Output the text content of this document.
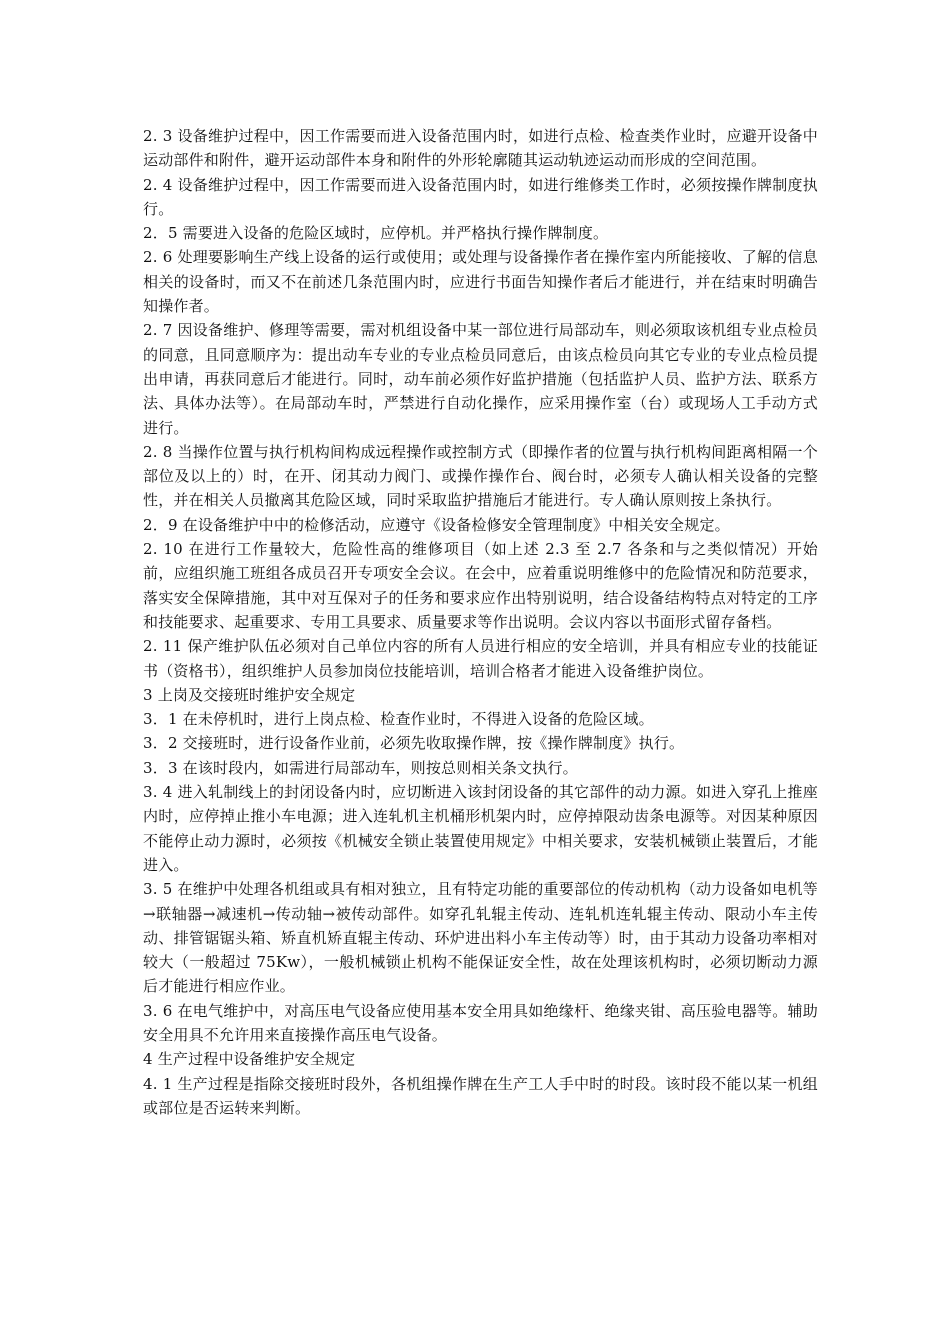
2. 3 设备维护过程中，因工作需要而进入设备范围内时，如进行点检、检查类作业时，应避开设备中运动部件和附件，避开运动部件本身和附件的外形轮廓随其运动轨迹运动而形成的空间范围。

2. 4 设备维护过程中，因工作需要而进入设备范围内时，如进行维修类工作时，必须按操作牌制度执行。

2．5 需要进入设备的危险区域时，应停机。并严格执行操作牌制度。

2. 6 处理要影响生产线上设备的运行或使用；或处理与设备操作者在操作室内所能接收、了解的信息相关的设备时，而又不在前述几条范围内时，应进行书面告知操作者后才能进行，并在结束时明确告知操作者。

2. 7 因设备维护、修理等需要，需对机组设备中某一部位进行局部动车，则必须取该机组专业点检员的同意，且同意顺序为：提出动车专业的专业点检员同意后，由该点检员向其它专业的专业点检员提出申请，再获同意后才能进行。同时，动车前必须作好监护措施（包括监护人员、监护方法、联系方法、具体办法等）。在局部动车时，严禁进行自动化操作，应采用操作室（台）或现场人工手动方式进行。

2. 8 当操作位置与执行机构间构成远程操作或控制方式（即操作者的位置与执行机构间距离相隔一个部位及以上的）时，在开、闭其动力阀门、或操作操作台、阀台时，必须专人确认相关设备的完整性，并在相关人员撤离其危险区域，同时采取监护措施后才能进行。专人确认原则按上条执行。

2．9 在设备维护中中的检修活动，应遵守《设备检修安全管理制度》中相关安全规定。

2. 10 在进行工作量较大，危险性高的维修项目（如上述 2.3 至 2.7 各条和与之类似情况）开始前，应组织施工班组各成员召开专项安全会议。在会中，应着重说明维修中的危险情况和防范要求，落实安全保障措施，其中对互保对子的任务和要求应作出特别说明，结合设备结构特点对特定的工序和技能要求、起重要求、专用工具要求、质量要求等作出说明。会议内容以书面形式留存备档。

2. 11 保产维护队伍必须对自己单位内容的所有人员进行相应的安全培训，并具有相应专业的技能证书（资格书），组织维护人员参加岗位技能培训，培训合格者才能进入设备维护岗位。

3 上岗及交接班时维护安全规定

3．1 在未停机时，进行上岗点检、检查作业时，不得进入设备的危险区域。

3．2 交接班时，进行设备作业前，必须先收取操作牌，按《操作牌制度》执行。

3．3 在该时段内，如需进行局部动车，则按总则相关条文执行。

3. 4 进入轧制线上的封闭设备内时，应切断进入该封闭设备的其它部件的动力源。如进入穿孔上推座内时，应停掉止推小车电源；进入连轧机主机桶形机架内时，应停掉限动齿条电源等。对因某种原因不能停止动力源时，必须按《机械安全锁止装置使用规定》中相关要求，安装机械锁止装置后，才能进入。

3. 5 在维护中处理各机组或具有相对独立，且有特定功能的重要部位的传动机构（动力设备如电机等→联轴器→减速机→传动轴→被传动部件。如穿孔轧辊主传动、连轧机连轧辊主传动、限动小车主传动、排管锯锯头箱、矫直机矫直辊主传动、环炉进出料小车主传动等）时，由于其动力设备功率相对较大（一般超过 75Kw），一般机械锁止机构不能保证安全性，故在处理该机构时，必须切断动力源后才能进行相应作业。

3. 6 在电气维护中，对高压电气设备应使用基本安全用具如绝缘杆、绝缘夹钳、高压验电器等。辅助安全用具不允许用来直接操作高压电气设备。

4 生产过程中设备维护安全规定

4. 1 生产过程是指除交接班时段外，各机组操作牌在生产工人手中时的时段。该时段不能以某一机组或部位是否运转来判断。
